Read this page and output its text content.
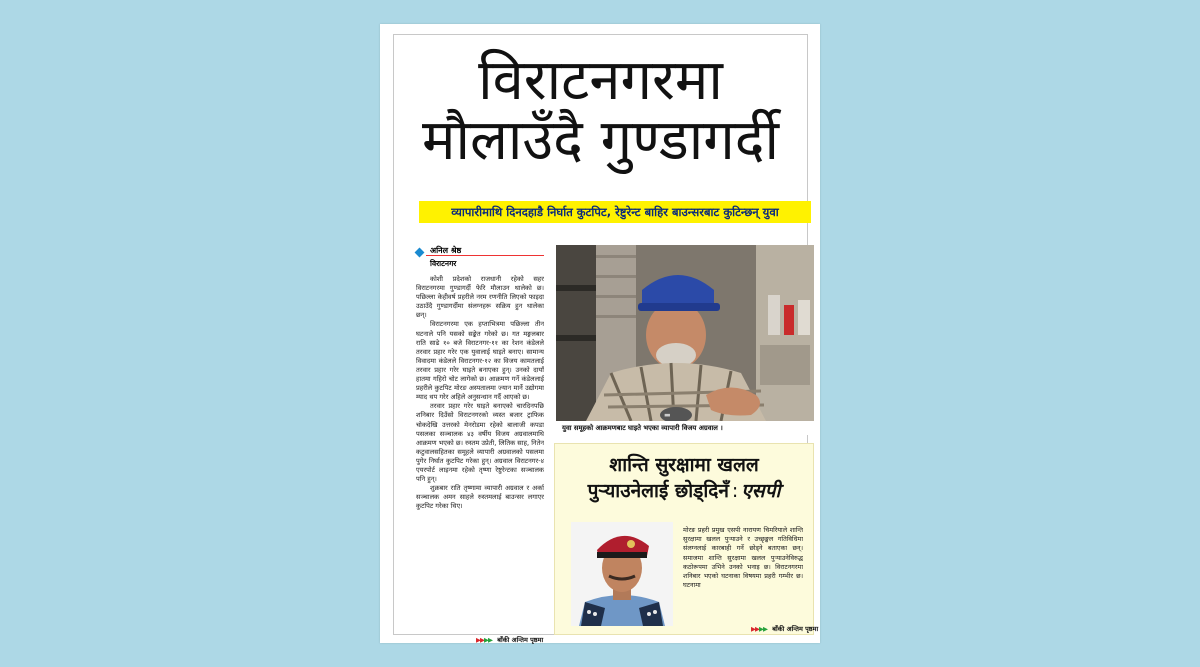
विराटनगरमा
मौलाउँदै गुण्डागर्दी
व्यापारीमाथि दिनदहाडै निर्घात कुटपिट, रेष्टुरेन्ट बाहिर बाउन्सरबाट कुटिन्छन् युवा
अनिल श्रेष्ठ
विराटनगर

कोशी प्रदेशको राजधानी रहेको सहर विराटनगरमा गुण्डागर्दी फेरि मौलाउन थालेको छ। पछिल्ला केहीवर्ष प्रहरीले नरम रणनीति लिएको फाइदा उठाउँदै गुण्डागर्दीमा संलग्नहरू सक्रिय हुन थालेका छन्।

विराटनगरमा एक हप्ताभित्रमा पछिल्ला तीन घटनाले पनि यसको सङ्केत गरेको छ। गत मङ्गलबार राति साढे १० बजे विराटनगर-११ का रेशन कंडेलले तरवार प्रहार गरेर एक युवालाई घाइते बनाए। सामान्य विवादमा कंडेलले विराटनगर-१२ का विजय कामतलाई तरवार प्रहार गरेर घाइते बनाएका हुन्। उनको दायाँ हातमा गहिरो चोट लागेको छ। आक्रमण गर्ने कंडेललाई प्रहरीले कुटपिट मोरङ अस्पतालमा ज्यान मार्ने उद्योगमा म्याद थप गरेर अहिले अनुसन्धान गर्दै आएको छ।

तरवार प्रहार गरेर घाइते बनाएको चारदिनपछि शनिबार दिउँसो विराटनगरको व्यस्त बजार ट्राफिक चोकदेखि उत्तरको मेनरोडमा रहेको बालाजी कपडा पसलका सञ्चालक ४३ वर्षीय विजय अग्रवालमाथि आक्रमण भएको छ। रुस्तम उप्रेती, लितिक साह, नितेन कटुवालसहितका समूहले व्यापारी अग्रवालको पसलमा पुगेर निर्घात कुटपिट गरेका हुन्। अग्रवाल विराटनगर-४ एयरपोर्ट लाइनमा रहेको तृष्णा रेष्टुरेन्टका सञ्चालक पनि हुन्।

शुक्रबार राति तृष्णामा व्यापारी अग्रवाल र अर्का सञ्चालक अमन साहले रुस्तमलाई बाउन्सर लगाएर कुटपिट गरेका थिए।

▶▶▶▶ बाँकी अन्तिम पृष्ठमा
▬
युवा समूहको आक्रमणबाट घाइते भएका व्यापारी विजय अग्रवाल ।
शान्ति सुरक्षामा खलल
पुऱ्याउनेलाई छोड्दिनँ : एसपी
मोरङ प्रहरी प्रमुख एसपी नारायण चिमरियाले शान्ति सुरक्षामा खलल पुऱ्याउने र उच्छृङ्खल गतिविधिमा संलग्नलाई कारबाही गर्ने छोड्ने बताएका छन्। समाजमा शान्ति सुरक्षामा खलल पुऱ्याउनेविरुद्ध कठोरूपमा उभिने उनको भनाइ छ। विराटनगरमा शनिबार भएको घटनाका विषयमा प्रहरी गम्भीर छ। घटनामा
▶▶▶▶ बाँकी अन्तिम पृष्ठमा
